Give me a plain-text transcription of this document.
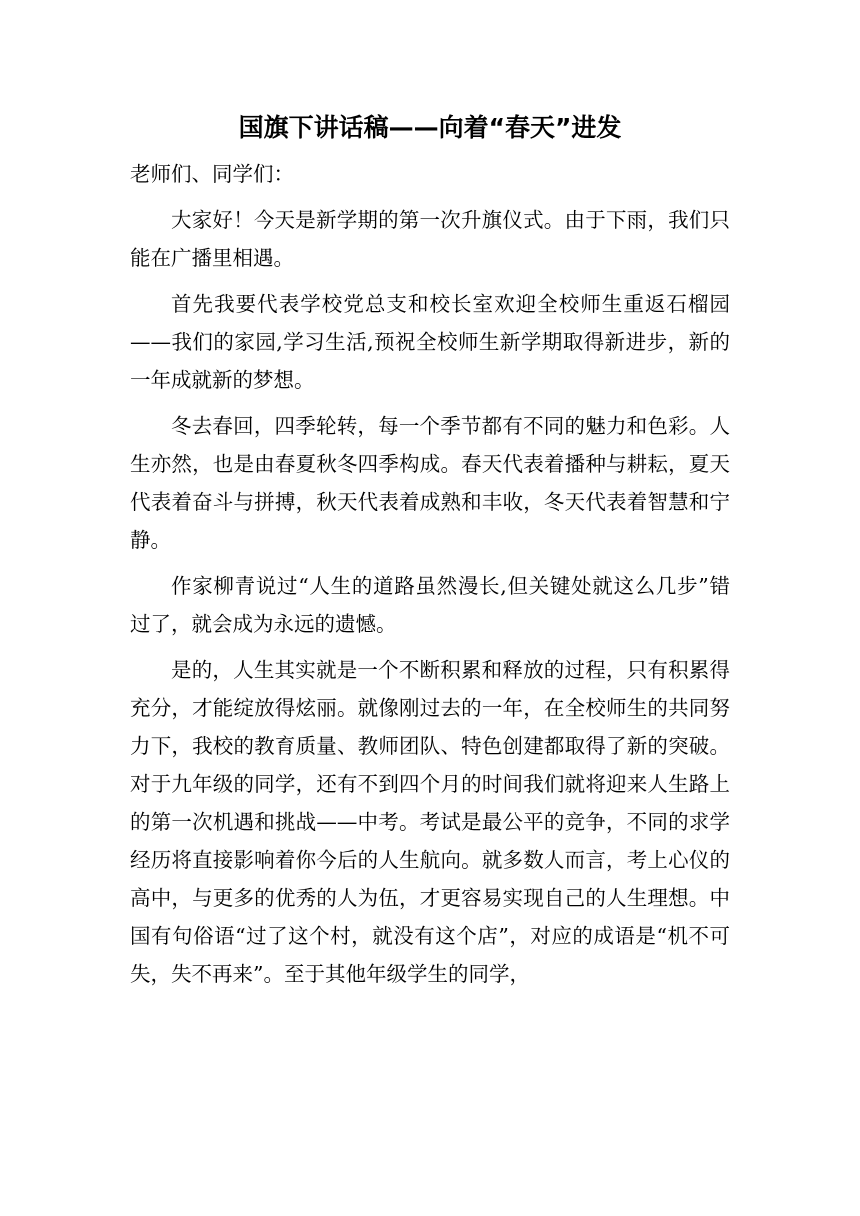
国旗下讲话稿——向着“春天”进发

老师们、同学们：

大家好！今天是新学期的第一次升旗仪式。由于下雨，我们只能在广播里相遇。

首先我要代表学校党总支和校长室欢迎全校师生重返石榴园——我们的家园,学习生活,预祝全校师生新学期取得新进步，新的一年成就新的梦想。

冬去春回，四季轮转，每一个季节都有不同的魅力和色彩。人生亦然，也是由春夏秋冬四季构成。春天代表着播种与耕耘，夏天代表着奋斗与拼搏，秋天代表着成熟和丰收，冬天代表着智慧和宁静。

作家柳青说过“人生的道路虽然漫长,但关键处就这么几步”错过了，就会成为永远的遗憾。

是的，人生其实就是一个不断积累和释放的过程，只有积累得充分，才能绽放得炫丽。就像刚过去的一年，在全校师生的共同努力下，我校的教育质量、教师团队、特色创建都取得了新的突破。对于九年级的同学，还有不到四个月的时间我们就将迎来人生路上的第一次机遇和挑战——中考。考试是最公平的竞争，不同的求学经历将直接影响着你今后的人生航向。就多数人而言，考上心仪的高中，与更多的优秀的人为伍，才更容易实现自己的人生理想。中国有句俗语“过了这个村，就没有这个店”，对应的成语是“机不可失，失不再来”。至于其他年级学生的同学，
